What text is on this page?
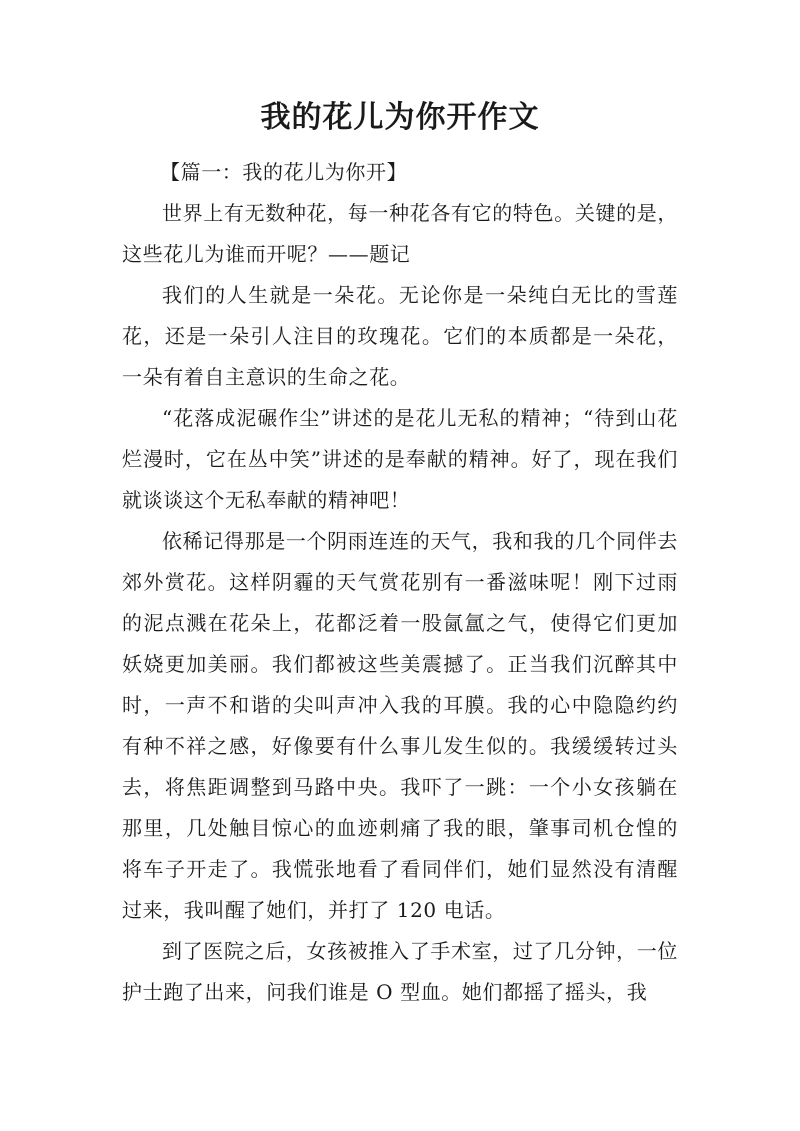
我的花儿为你开作文

【篇一：我的花儿为你开】

世界上有无数种花，每一种花各有它的特色。关键的是，这些花儿为谁而开呢？——题记

我们的人生就是一朵花。无论你是一朵纯白无比的雪莲花，还是一朵引人注目的玫瑰花。它们的本质都是一朵花，一朵有着自主意识的生命之花。

“花落成泥碾作尘”讲述的是花儿无私的精神；“待到山花烂漫时，它在丛中笑”讲述的是奉献的精神。好了，现在我们就谈谈这个无私奉献的精神吧！

依稀记得那是一个阴雨连连的天气，我和我的几个同伴去郊外赏花。这样阴霾的天气赏花别有一番滋味呢！刚下过雨的泥点溅在花朵上，花都泛着一股氤氲之气，使得它们更加妖娆更加美丽。我们都被这些美震撼了。正当我们沉醉其中时，一声不和谐的尖叫声冲入我的耳膜。我的心中隐隐约约有种不祥之感，好像要有什么事儿发生似的。我缓缓转过头去，将焦距调整到马路中央。我吓了一跳：一个小女孩躺在那里，几处触目惊心的血迹刺痛了我的眼，肇事司机仓惶的将车子开走了。我慌张地看了看同伴们，她们显然没有清醒过来，我叫醒了她们，并打了 120 电话。

到了医院之后，女孩被推入了手术室，过了几分钟，一位护士跑了出来，问我们谁是 O 型血。她们都摇了摇头，我
